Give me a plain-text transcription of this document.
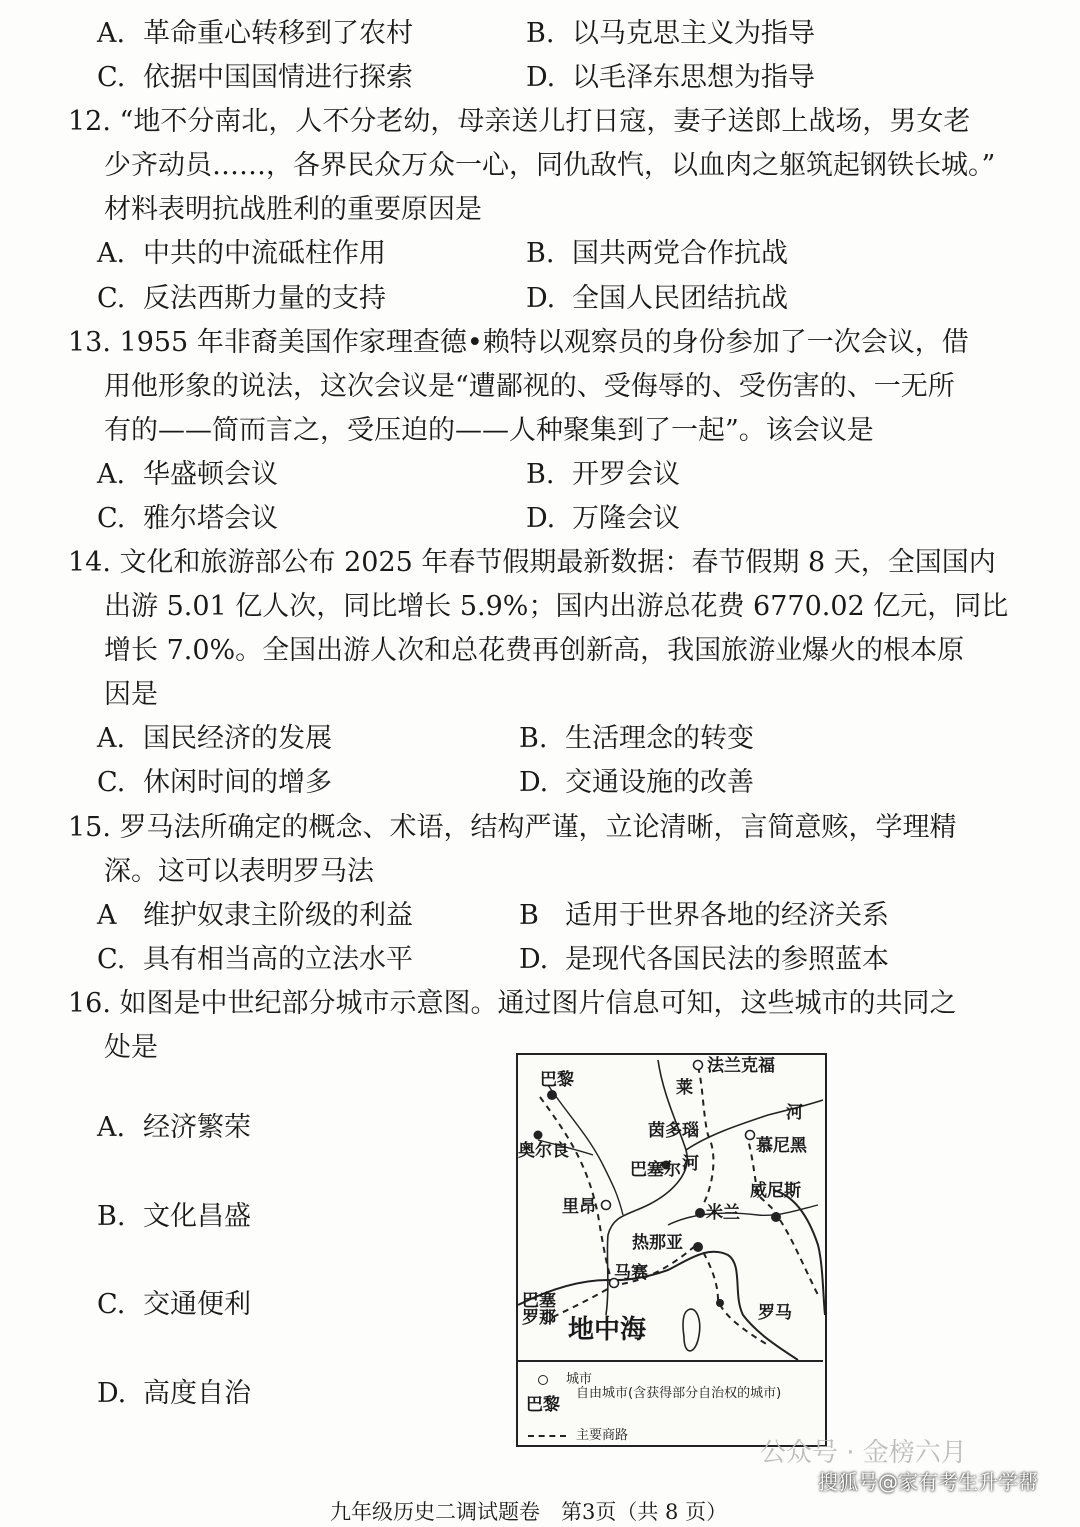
A. 革命重心转移到了农村	B. 以马克思主义为指导
C. 依据中国国情进行探索	D. 以毛泽东思想为指导
12. “地不分南北，人不分老幼，母亲送儿打日寇，妻子送郎上战场，男女老
少齐动员……，各界民众万众一心，同仇敌忾，以血肉之躯筑起钢铁长城。”
材料表明抗战胜利的重要原因是
A. 中共的中流砥柱作用	B. 国共两党合作抗战
C. 反法西斯力量的支持	D. 全国人民团结抗战
13. 1955 年非裔美国作家理查德•赖特以观察员的身份参加了一次会议，借
用他形象的说法，这次会议是“遭鄙视的、受侮辱的、受伤害的、一无所
有的——简而言之，受压迫的——人种聚集到了一起”。该会议是
A. 华盛顿会议	B. 开罗会议
C. 雅尔塔会议	D. 万隆会议
14. 文化和旅游部公布 2025 年春节假期最新数据：春节假期 8 天，全国国内
出游 5.01 亿人次，同比增长 5.9%；国内出游总花费 6770.02 亿元，同比
增长 7.0%。全国出游人次和总花费再创新高，我国旅游业爆火的根本原
因是
A. 国民经济的发展	B. 生活理念的转变
C. 休闲时间的增多	D. 交通设施的改善
15. 罗马法所确定的概念、术语，结构严谨，立论清晰，言简意赅，学理精
深。这可以表明罗马法
A 维护奴隶主阶级的利益	B 适用于世界各地的经济关系
C. 具有相当高的立法水平	D. 是现代各国民法的参照蓝本
16. 如图是中世纪部分城市示意图。通过图片信息可知，这些城市的共同之
处是
A. 经济繁荣
B. 文化昌盛
C. 交通便利
D. 高度自治
法兰克福
巴黎	莱
茵多瑙
河
奥尔良	慕尼黑
巴塞尔 河
里昂
威尼斯
米兰
热那亚
马赛
巴塞罗那 地中海
罗马
城市
巴黎
自由城市(含获得部分自治权的城市)
主要商路
公众号 · 金榜六月
搜狐号@家有考生升学帮
九年级历史二调试题卷　第3页（共 8 页）
